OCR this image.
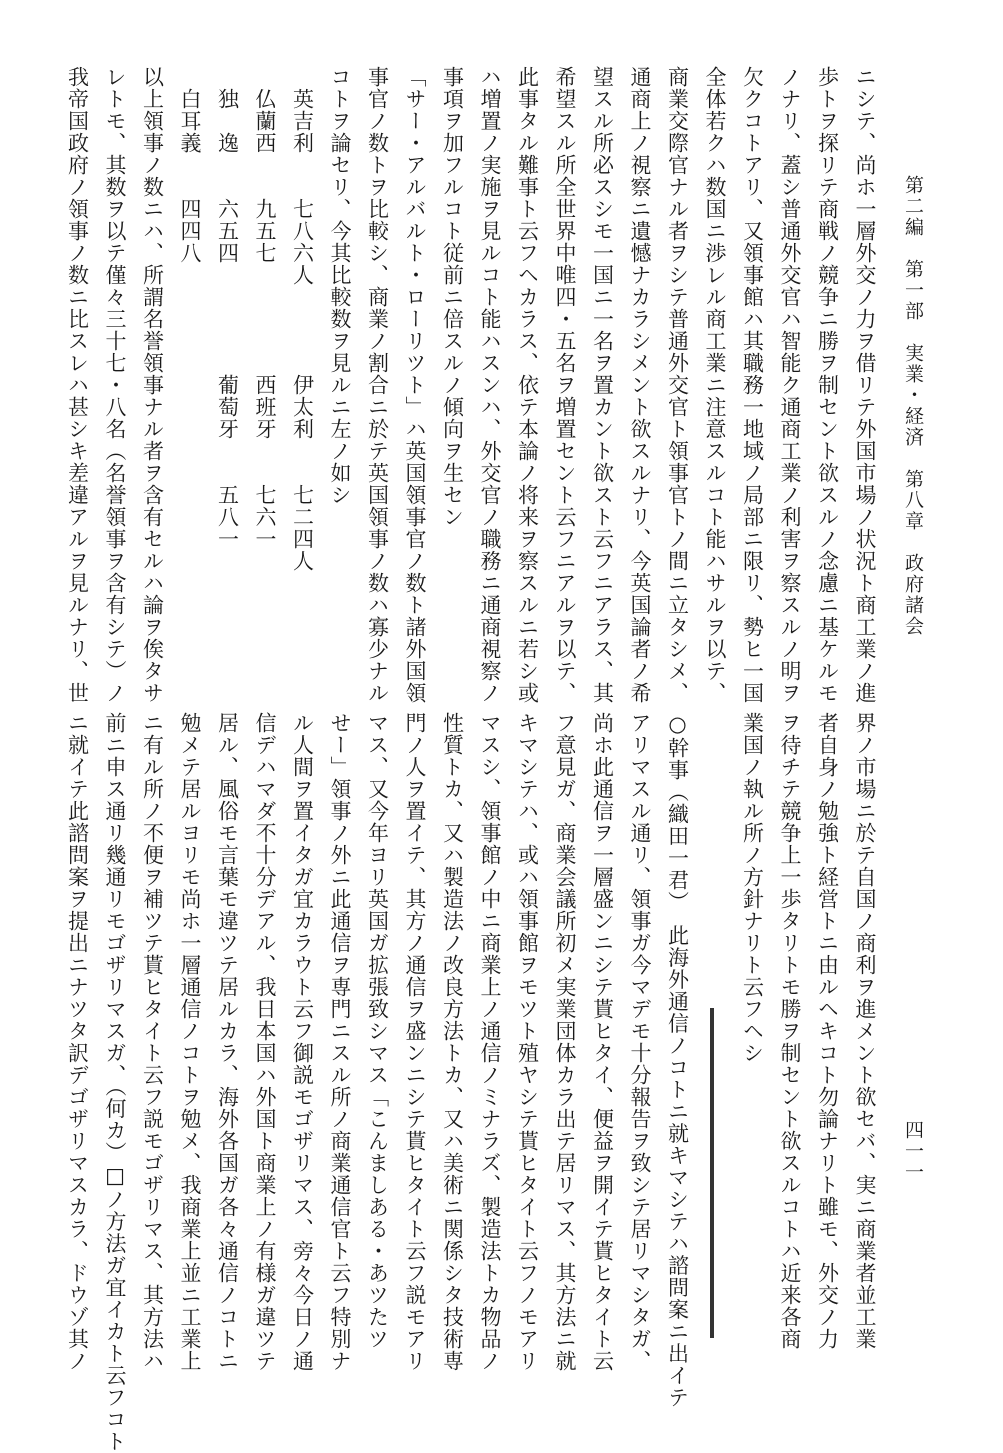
第二編　第一部　実業・経済　第八章　政府諸会
四一一
ニシテ、尚ホ一層外交ノ力ヲ借リテ外国市場ノ状況ト商工業ノ進
歩トヲ探リテ商戦ノ競争ニ勝ヲ制セント欲スルノ念慮ニ基ケルモ
ノナリ、蓋シ普通外交官ハ智能ク通商工業ノ利害ヲ察スルノ明ヲ
欠クコトアリ、又領事館ハ其職務一地域ノ局部ニ限リ、勢ヒ一国
全体若クハ数国ニ渉レル商工業ニ注意スルコト能ハサルヲ以テ、
商業交際官ナル者ヲシテ普通外交官ト領事官トノ間ニ立タシメ、
通商上ノ視察ニ遺憾ナカラシメント欲スルナリ、今英国論者ノ希
望スル所必スシモ一国ニ一名ヲ置カント欲スト云フニアラス、其
希望スル所全世界中唯四・五名ヲ増置セント云フニアルヲ以テ、
此事タル難事ト云フヘカラス、依テ本論ノ将来ヲ察スルニ若シ或
ハ増置ノ実施ヲ見ルコト能ハスンハ、外交官ノ職務ニ通商視察ノ
事項ヲ加フルコト従前ニ倍スルノ傾向ヲ生セン
「サー・アルバルト・ローリツト」ハ英国領事官ノ数ト諸外国領
事官ノ数トヲ比較シ、商業ノ割合ニ於テ英国領事ノ数ハ寡少ナル
コトヲ論セリ、今其比較数ヲ見ルニ左ノ如シ
　英吉利　　七八六人　　　　伊太利　　七二四人
　仏蘭西　　九五七　　　　　西班牙　　七六一
　独　逸　　六五四　　　　　葡萄牙　　五八一
　白耳義　　四四八
以上領事ノ数ニハ、所謂名誉領事ナル者ヲ含有セルハ論ヲ俟タサ
レトモ、其数ヲ以テ僅々三十七・八名（名誉領事ヲ含有シテ）ノ
我帝国政府ノ領事ノ数ニ比スレハ甚シキ差違アルヲ見ルナリ、世
界ノ市場ニ於テ自国ノ商利ヲ進メント欲セバ、実ニ商業者並工業
者自身ノ勉強ト経営トニ由ルヘキコト勿論ナリト雖モ、外交ノ力
ヲ待チテ競争上一歩タリトモ勝ヲ制セント欲スルコトハ近来各商
業国ノ執ル所ノ方針ナリト云フヘシ
○幹事（織田一君）　此海外通信ノコトニ就キマシテハ諮問案ニ出イテ
アリマスル通リ、領事ガ今マデモ十分報告ヲ致シテ居リマシタガ、
尚ホ此通信ヲ一層盛ンニシテ貰ヒタイ、便益ヲ開イテ貰ヒタイト云
フ意見ガ、商業会議所初メ実業団体カラ出テ居リマス、其方法ニ就
キマシテハ、或ハ領事館ヲモツト殖ヤシテ貰ヒタイト云フノモアリ
マスシ、領事館ノ中ニ商業上ノ通信ノミナラズ、製造法トカ物品ノ
性質トカ、又ハ製造法ノ改良方法トカ、又ハ美術ニ関係シタ技術専
門ノ人ヲ置イテ、其方ノ通信ヲ盛ンニシテ貰ヒタイト云フ説モアリ
マス、又今年ヨリ英国ガ拡張致シマス「こんましある・あツたツ
せー」領事ノ外ニ此通信ヲ専門ニスル所ノ商業通信官ト云フ特別ナ
ル人間ヲ置イタガ宜カラウト云フ御説モゴザリマス、旁々今日ノ通
信デハマダ不十分デアル、我日本国ハ外国ト商業上ノ有様ガ違ツテ
居ル、風俗モ言葉モ違ツテ居ルカラ、海外各国ガ各々通信ノコトニ
勉メテ居ルヨリモ尚ホ一層通信ノコトヲ勉メ、我商業上並ニ工業上
ニ有ル所ノ不便ヲ補ツテ貰ヒタイト云フ説モゴザリマス、其方法ハ
前ニ申ス通リ幾通リモゴザリマスガ、（何カ）□ノ方法ガ宜イカト云フコト
ニ就イテ此諮問案ヲ提出ニナツタ訳デゴザリマスカラ、ドウゾ其ノ
